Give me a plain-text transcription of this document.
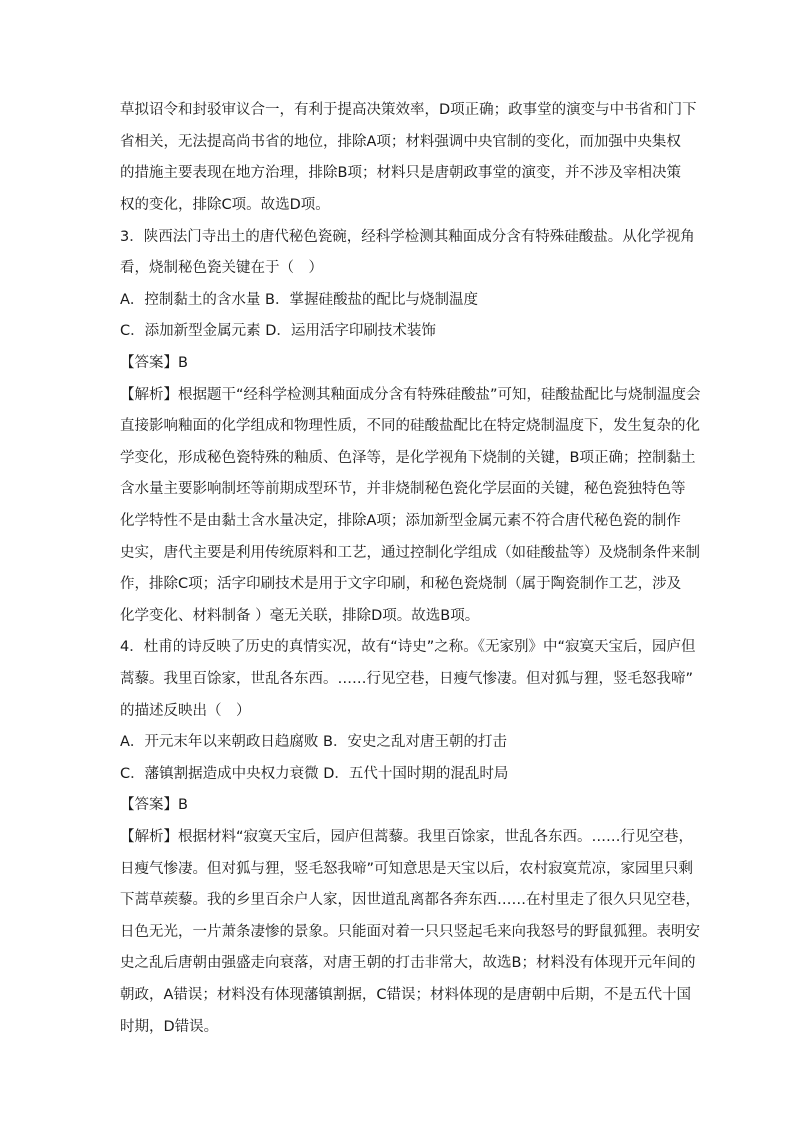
草拟诏令和封驳审议合一，有利于提高决策效率，D项正确；政事堂的演变与中书省和门下
省相关，无法提高尚书省的地位，排除A项；材料强调中央官制的变化，而加强中央集权
的措施主要表现在地方治理，排除B项；材料只是唐朝政事堂的演变，并不涉及宰相决策
权的变化，排除C项。故选D项。
3．陕西法门寺出土的唐代秘色瓷碗，经科学检测其釉面成分含有特殊硅酸盐。从化学视角
看，烧制秘色瓷关键在于（　）
A．控制黏土的含水量 B．掌握硅酸盐的配比与烧制温度
C．添加新型金属元素 D．运用活字印刷技术装饰
【答案】B
【解析】根据题干“经科学检测其釉面成分含有特殊硅酸盐”可知，硅酸盐配比与烧制温度会
直接影响釉面的化学组成和物理性质，不同的硅酸盐配比在特定烧制温度下，发生复杂的化
学变化，形成秘色瓷特殊的釉质、色泽等，是化学视角下烧制的关键，B项正确；控制黏土
含水量主要影响制坯等前期成型环节，并非烧制秘色瓷化学层面的关键，秘色瓷独特色等
化学特性不是由黏土含水量决定，排除A项；添加新型金属元素不符合唐代秘色瓷的制作
史实，唐代主要是利用传统原料和工艺，通过控制化学组成（如硅酸盐等）及烧制条件来制
作，排除C项；活字印刷技术是用于文字印刷，和秘色瓷烧制（属于陶瓷制作工艺，涉及
化学变化、材料制备 ）毫无关联，排除D项。故选B项。
4．杜甫的诗反映了历史的真情实况，故有“诗史”之称。《无家别》中“寂寞天宝后，园庐但
蒿藜。我里百馀家，世乱各东西。……行见空巷，日瘦气惨凄。但对狐与狸，竖毛怒我啼”
的描述反映出（　）
A．开元末年以来朝政日趋腐败 B．安史之乱对唐王朝的打击
C．藩镇割据造成中央权力衰微 D．五代十国时期的混乱时局
【答案】B
【解析】根据材料“寂寞天宝后，园庐但蒿藜。我里百馀家，世乱各东西。……行见空巷，
日瘦气惨凄。但对狐与狸，竖毛怒我啼”可知意思是天宝以后，农村寂寞荒凉，家园里只剩
下蒿草蒺藜。我的乡里百余户人家，因世道乱离都各奔东西……在村里走了很久只见空巷，
日色无光，一片萧条凄惨的景象。只能面对着一只只竖起毛来向我怒号的野鼠狐狸。表明安
史之乱后唐朝由强盛走向衰落，对唐王朝的打击非常大，故选B；材料没有体现开元年间的
朝政，A错误；材料没有体现藩镇割据，C错误；材料体现的是唐朝中后期，不是五代十国
时期，D错误。
